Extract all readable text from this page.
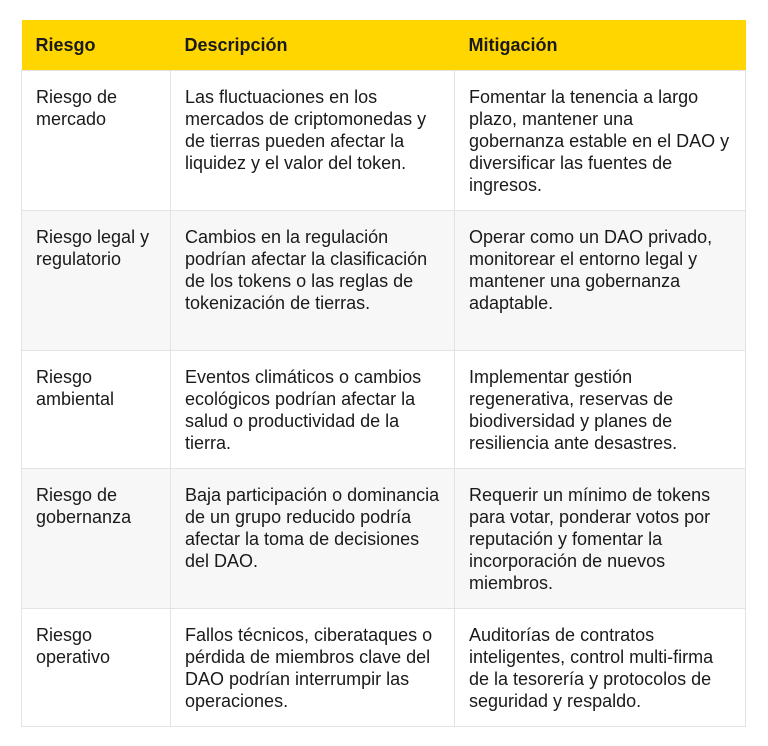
Riesgo	Descripción	Mitigación
Riesgo de mercado	Las fluctuaciones en los mercados de criptomonedas y de tierras pueden afectar la liquidez y el valor del token.	Fomentar la tenencia a largo plazo, mantener una gobernanza estable en el DAO y diversificar las fuentes de ingresos.
Riesgo legal y regulatorio	Cambios en la regulación podrían afectar la clasificación de los tokens o las reglas de tokenización de tierras.	Operar como un DAO privado, monitorear el entorno legal y mantener una gobernanza adaptable.
Riesgo ambiental	Eventos climáticos o cambios ecológicos podrían afectar la salud o productividad de la tierra.	Implementar gestión regenerativa, reservas de biodiversidad y planes de resiliencia ante desastres.
Riesgo de gobernanza	Baja participación o dominancia de un grupo reducido podría afectar la toma de decisiones del DAO.	Requerir un mínimo de tokens para votar, ponderar votos por reputación y fomentar la incorporación de nuevos miembros.
Riesgo operativo	Fallos técnicos, ciberataques o pérdida de miembros clave del DAO podrían interrumpir las operaciones.	Auditorías de contratos inteligentes, control multi-firma de la tesorería y protocolos de seguridad y respaldo.
